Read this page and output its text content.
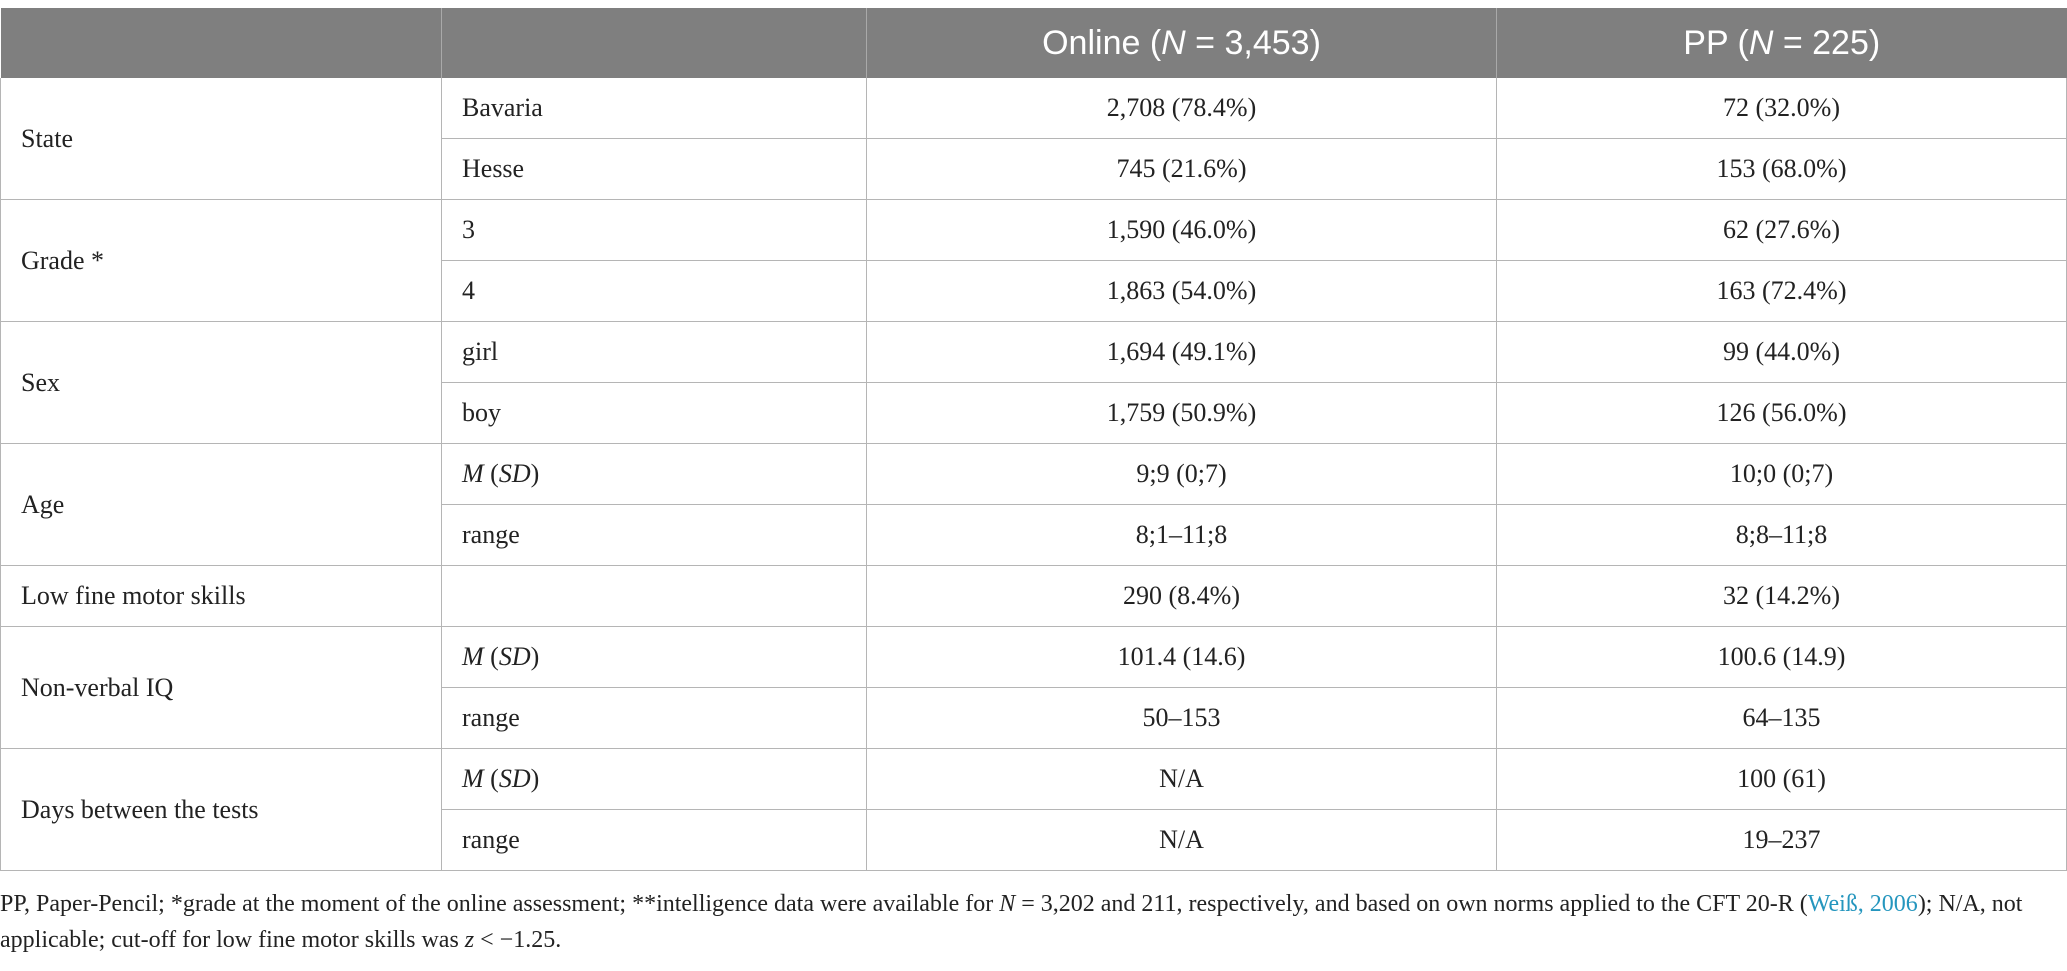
		Online (N = 3,453)	PP (N = 225)
State	Bavaria	2,708 (78.4%)	72 (32.0%)
	Hesse	745 (21.6%)	153 (68.0%)
Grade *	3	1,590 (46.0%)	62 (27.6%)
	4	1,863 (54.0%)	163 (72.4%)
Sex	girl	1,694 (49.1%)	99 (44.0%)
	boy	1,759 (50.9%)	126 (56.0%)
Age	M (SD)	9;9 (0;7)	10;0 (0;7)
	range	8;1–11;8	8;8–11;8
Low fine motor skills		290 (8.4%)	32 (14.2%)
Non-verbal IQ	M (SD)	101.4 (14.6)	100.6 (14.9)
	range	50–153	64–135
Days between the tests	M (SD)	N/A	100 (61)
	range	N/A	19–237
PP, Paper-Pencil; *grade at the moment of the online assessment; **intelligence data were available for N = 3,202 and 211, respectively, and based on own norms applied to the CFT 20-R (Weiß, 2006); N/A, not applicable; cut-off for low fine motor skills was z < −1.25.
